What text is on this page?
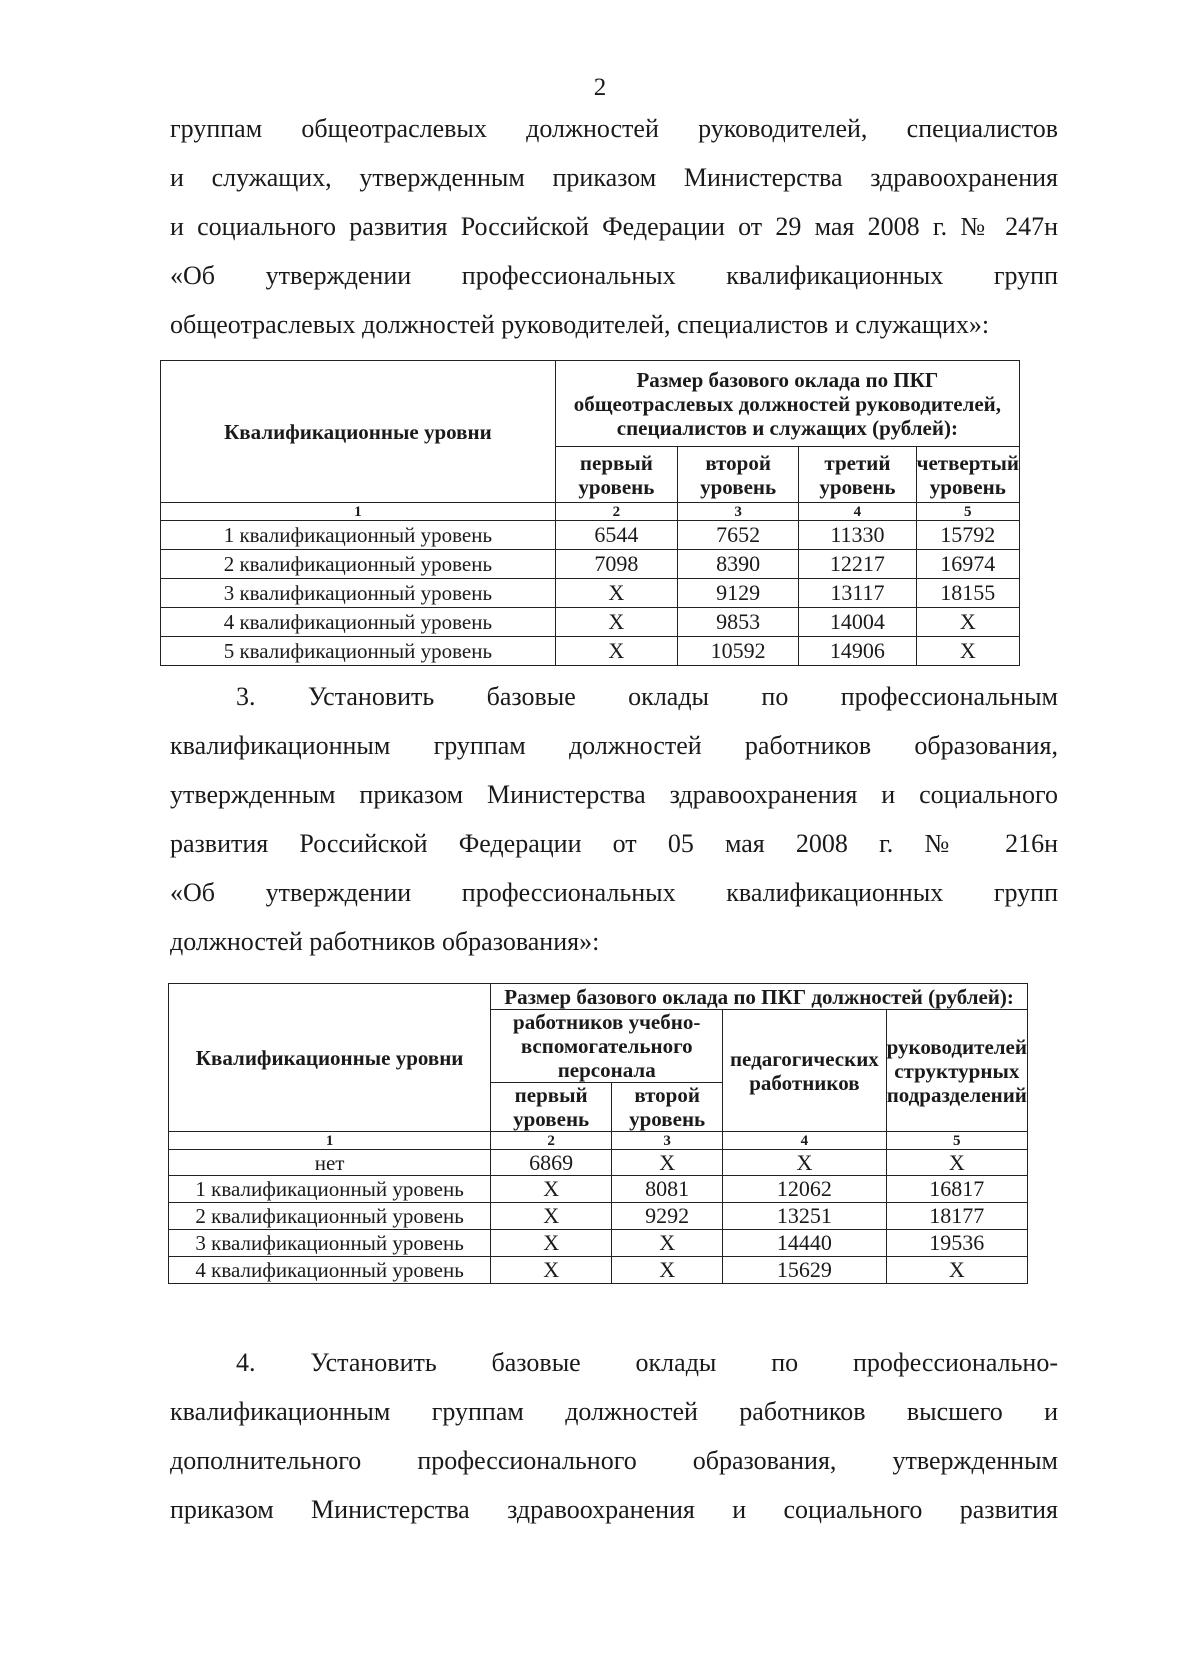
2
группам общеотраслевых должностей руководителей, специалистов
и служащих, утвержденным приказом Министерства здравоохранения
и социального развития Российской Федерации от 29 мая 2008 г. № 247н
«Об утверждении профессиональных квалификационных групп
общеотраслевых должностей руководителей, специалистов и служащих»:
Квалификационные уровни	Размер базового оклада по ПКГ общеотраслевых должностей руководителей, специалистов и служащих (рублей):			
	первый уровень	второй уровень	третий уровень	четвертый уровень
1	2	3	4	5
1 квалификационный уровень	6544	7652	11330	15792
2 квалификационный уровень	7098	8390	12217	16974
3 квалификационный уровень	Х	9129	13117	18155
4 квалификационный уровень	Х	9853	14004	Х
5 квалификационный уровень	Х	10592	14906	Х
3. Установить базовые оклады по профессиональным
квалификационным группам должностей работников образования,
утвержденным приказом Министерства здравоохранения и социального
развития Российской Федерации от 05 мая 2008 г. № 216н
«Об утверждении профессиональных квалификационных групп
должностей работников образования»:
Квалификационные уровни	Размер базового оклада по ПКГ должностей (рублей):			
	работников учебно-вспомогательного персонала		педагогических работников	руководителей структурных подразделений
	первый уровень	второй уровень		
1	2	3	4	5
нет	6869	Х	Х	Х
1 квалификационный уровень	Х	8081	12062	16817
2 квалификационный уровень	Х	9292	13251	18177
3 квалификационный уровень	Х	Х	14440	19536
4 квалификационный уровень	Х	Х	15629	Х
4. Установить базовые оклады по профессионально-
квалификационным группам должностей работников высшего и
дополнительного профессионального образования, утвержденным
приказом Министерства здравоохранения и социального развития
